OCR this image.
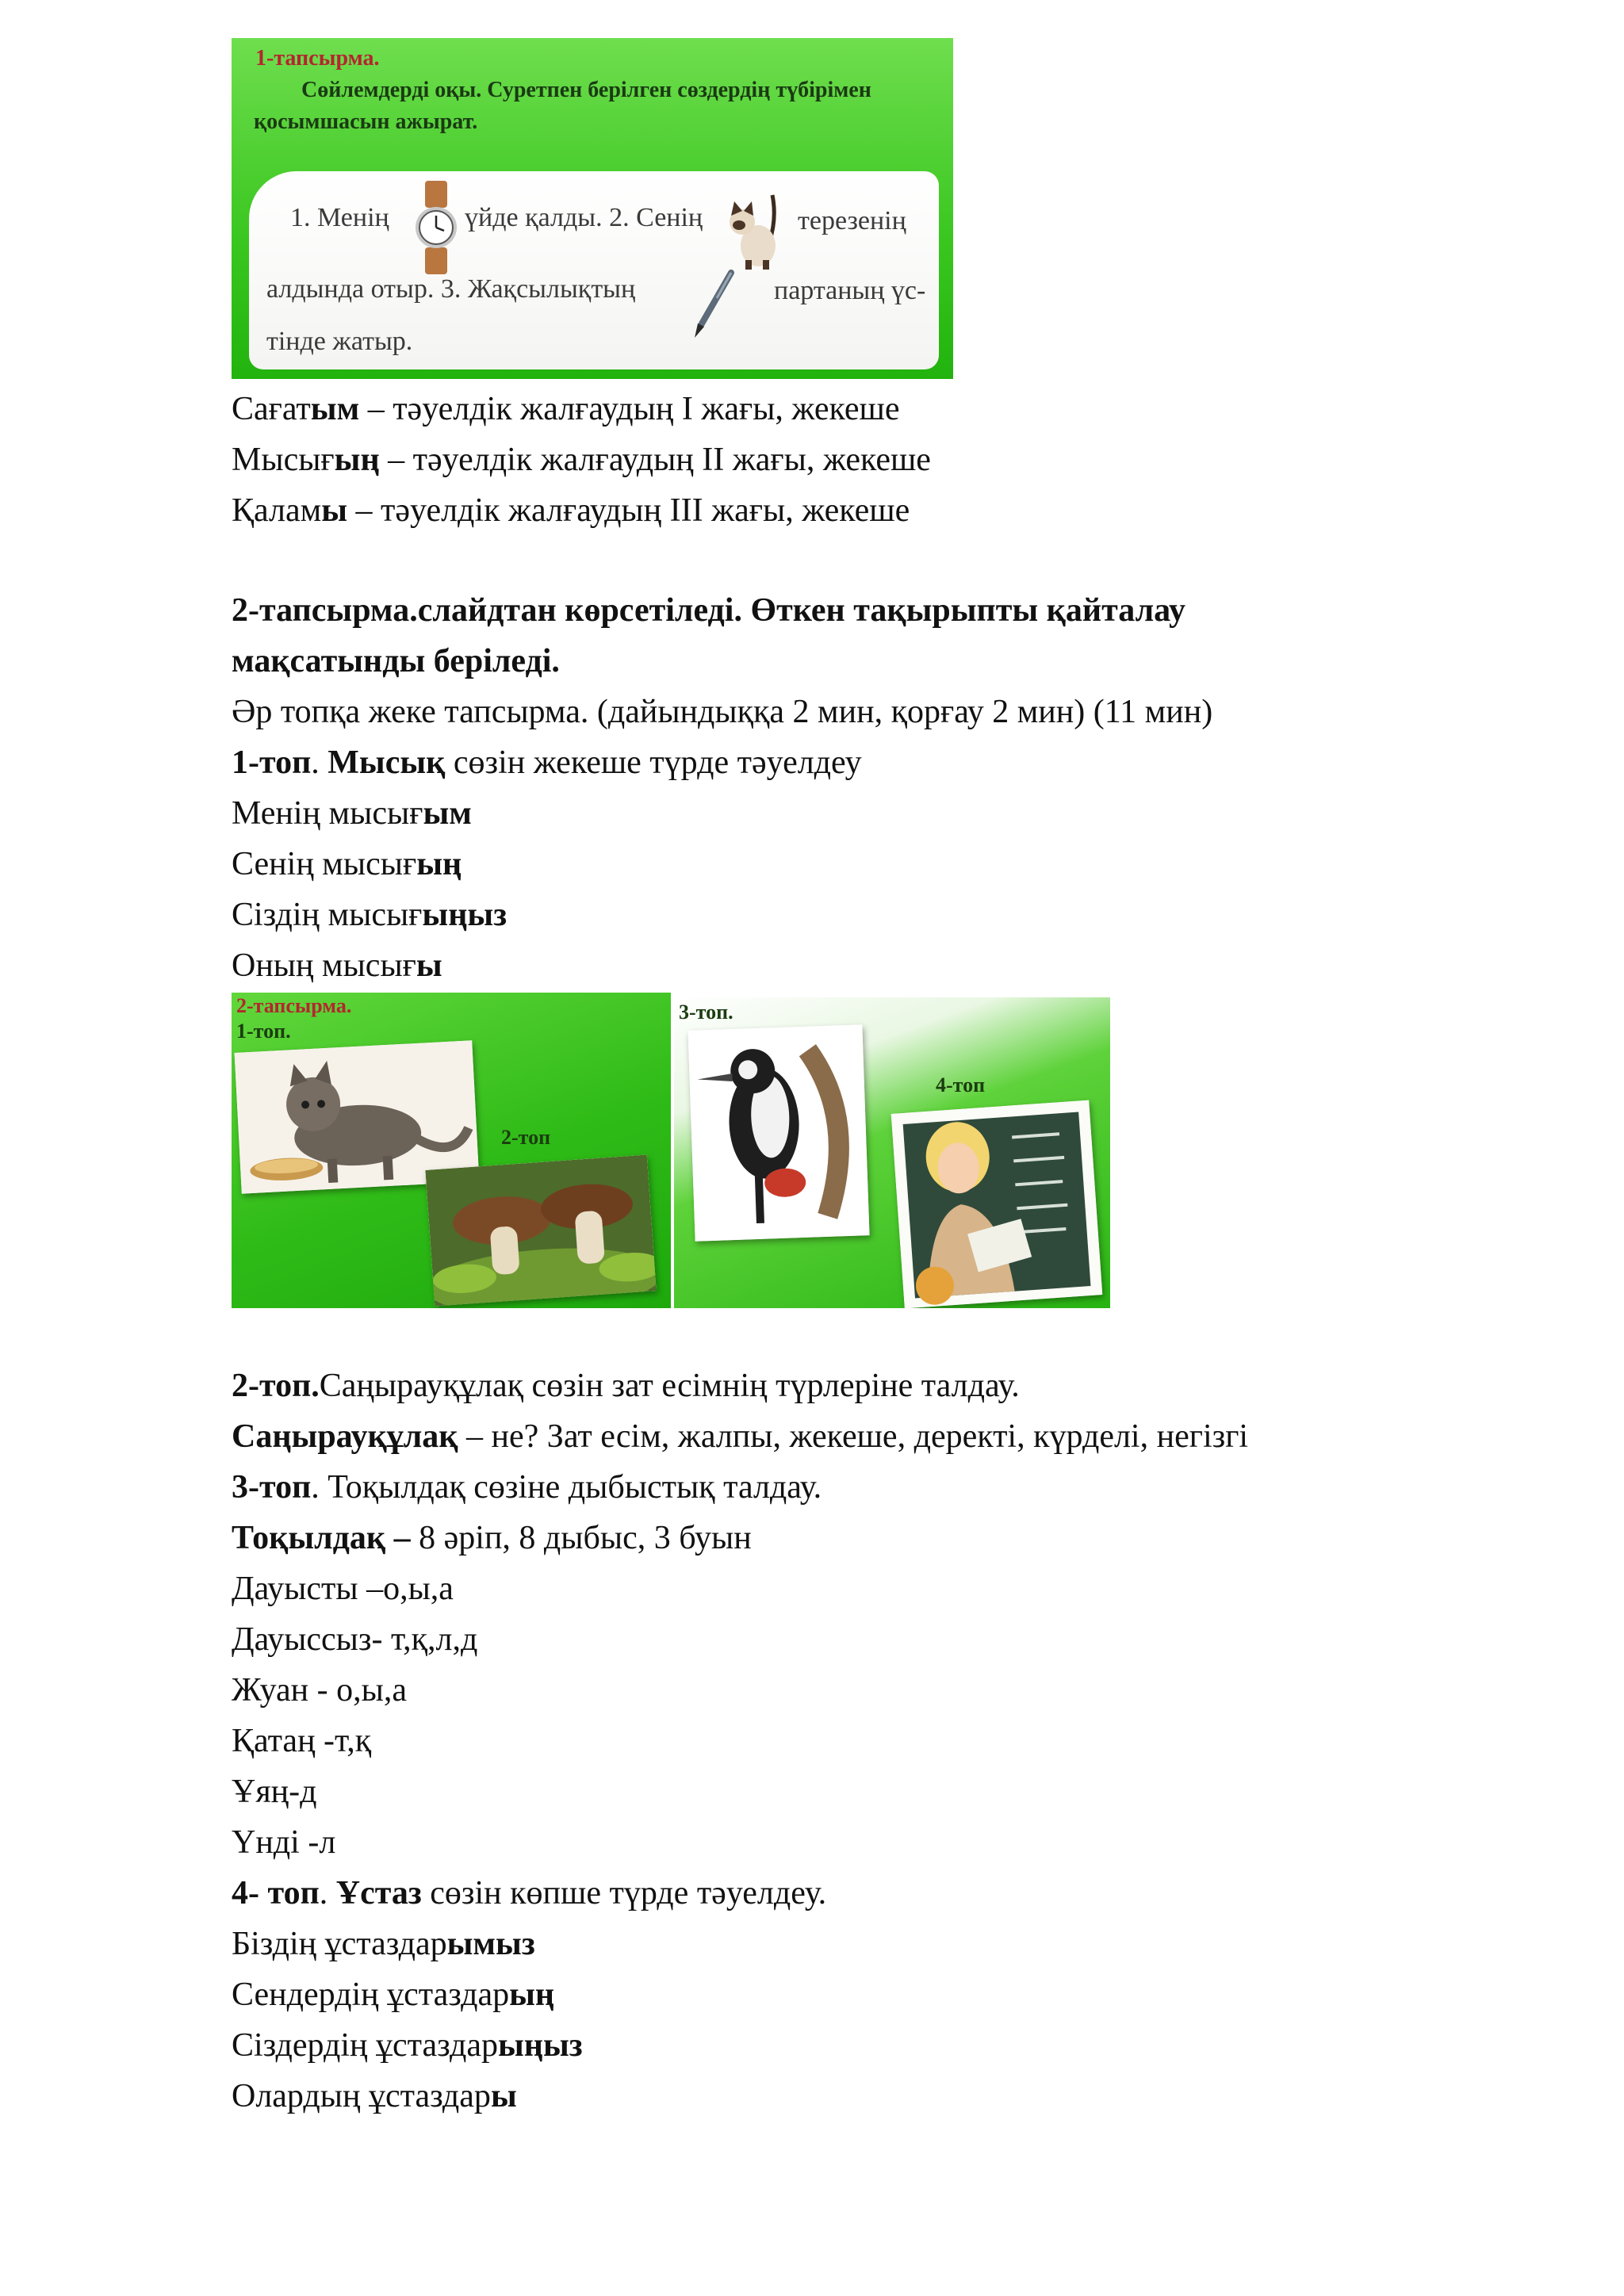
1-тапсырма.
Сөйлемдерді оқы. Суретпен берілген сөздердің түбірімен қосымшасын ажырат.
1. Менің	үйде қалды. 2. Сенің	терезенің
алдында отыр. 3. Жақсылықтың	партаның үс-
тінде жатыр.
Сағатым – тәуелдік жалғаудың I жағы, жекеше
Мысығың – тәуелдік жалғаудың II жағы, жекеше
Қаламы – тәуелдік жалғаудың III жағы, жекеше
2-тапсырма.слайдтан көрсетіледі. Өткен тақырыпты қайталау
мақсатынды беріледі.
Әр топқа жеке тапсырма. (дайындыққа 2 мин, қорғау 2 мин) (11 мин)
1-топ. Мысық сөзін жекеше түрде тәуелдеу
Менің мысығым
Сенің мысығың
Сіздің мысығыңыз
Оның мысығы
2-тапсырма.
1-топ.
2-топ
3-топ.
4-топ
2-топ.Саңырауқұлақ сөзін зат есімнің түрлеріне талдау.
Саңырауқұлақ – не? Зат есім, жалпы, жекеше, деректі, күрделі, негізгі
3-топ. Тоқылдақ сөзіне дыбыстық талдау.
Тоқылдақ – 8 әріп, 8 дыбыс, 3 буын
Дауысты –о,ы,а
Дауыссыз- т,қ,л,д
Жуан - о,ы,а
Қатаң -т,қ
Ұяң-д
Үнді -л
4- топ. Ұстаз сөзін көпше түрде тәуелдеу.
Біздің ұстаздарымыз
Сендердің ұстаздарың
Сіздердің ұстаздарыңыз
Олардың ұстаздары
